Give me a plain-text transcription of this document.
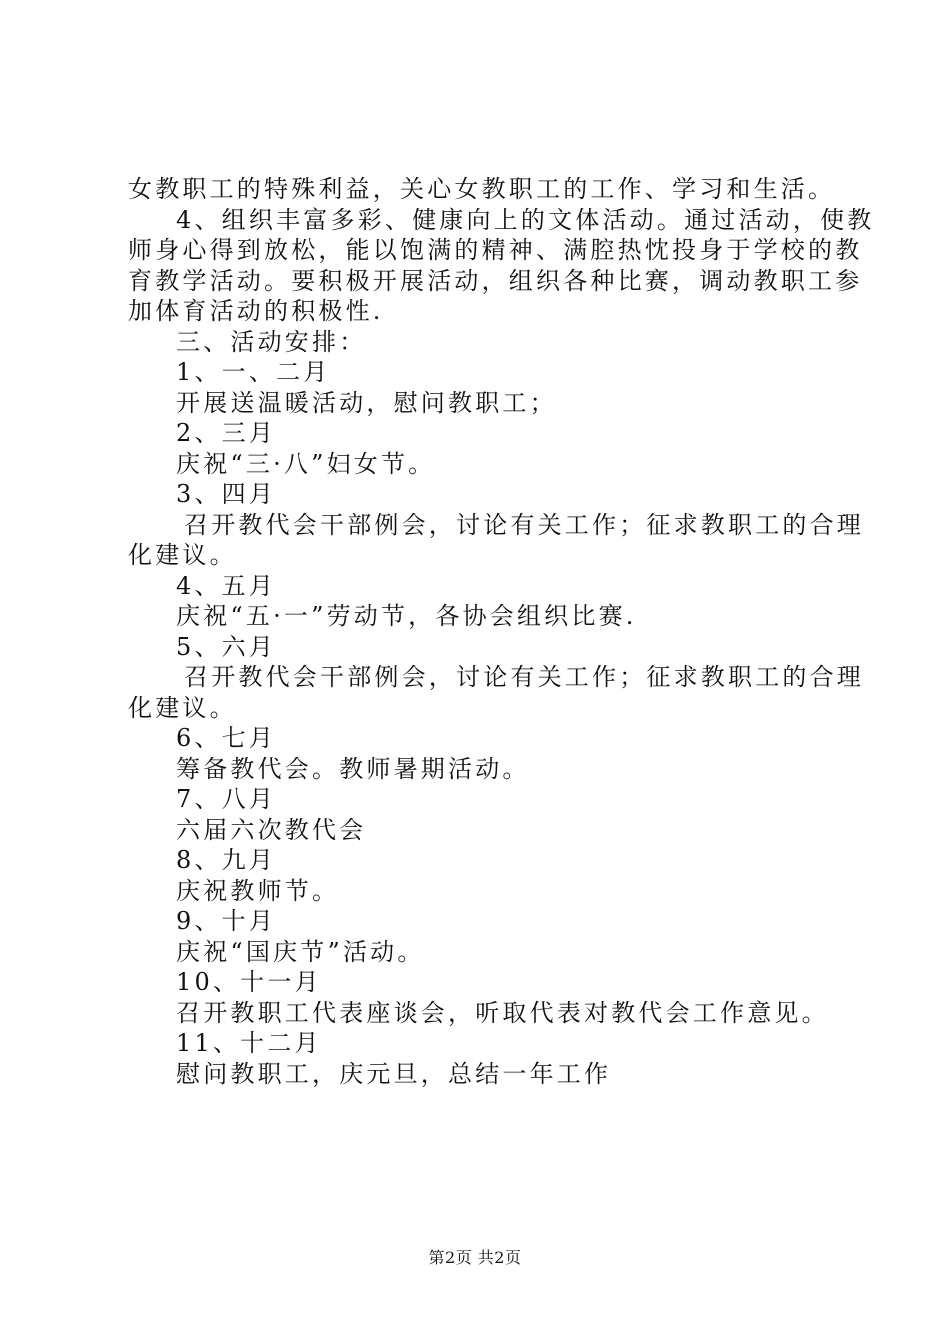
女教职工的特殊利益，关心女教职工的工作、学习和生活。
4、组织丰富多彩、健康向上的文体活动。通过活动，使教
师身心得到放松，能以饱满的精神、满腔热忱投身于学校的教
育教学活动。要积极开展活动，组织各种比赛，调动教职工参
加体育活动的积极性.
三、活动安排：
1、一、二月
开展送温暖活动，慰问教职工；
2、三月
庆祝“三·八”妇女节。
3、四月
召开教代会干部例会，讨论有关工作；征求教职工的合理
化建议。
4、五月
庆祝“五·一”劳动节，各协会组织比赛.
5、六月
召开教代会干部例会，讨论有关工作；征求教职工的合理
化建议。
6、七月
筹备教代会。教师暑期活动。
7、八月
六届六次教代会
8、九月
庆祝教师节。
9、十月
庆祝“国庆节”活动。
10、十一月
召开教职工代表座谈会，听取代表对教代会工作意见。
11、十二月
慰问教职工，庆元旦，总结一年工作
第2页 共2页
